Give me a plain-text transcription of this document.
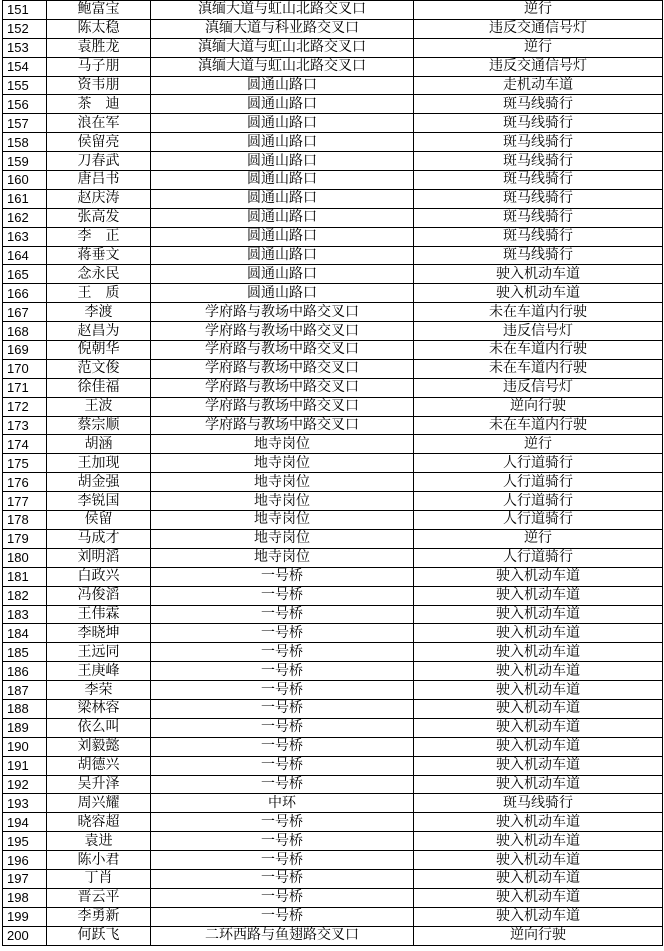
151	鲍富宝	滇缅大道与虹山北路交叉口	逆行
152	陈太稳	滇缅大道与科业路交叉口	违反交通信号灯
153	袁胜龙	滇缅大道与虹山北路交叉口	逆行
154	马子朋	滇缅大道与虹山北路交叉口	违反交通信号灯
155	资韦朋	圆通山路口	走机动车道
156	茶　迪	圆通山路口	斑马线骑行
157	浪在军	圆通山路口	斑马线骑行
158	侯留亮	圆通山路口	斑马线骑行
159	刀春武	圆通山路口	斑马线骑行
160	唐吕书	圆通山路口	斑马线骑行
161	赵庆涛	圆通山路口	斑马线骑行
162	张高发	圆通山路口	斑马线骑行
163	李　正	圆通山路口	斑马线骑行
164	蒋垂文	圆通山路口	斑马线骑行
165	念永民	圆通山路口	驶入机动车道
166	王　质	圆通山路口	驶入机动车道
167	李渡	学府路与教场中路交叉口	未在车道内行驶
168	赵昌为	学府路与教场中路交叉口	违反信号灯
169	倪朝华	学府路与教场中路交叉口	未在车道内行驶
170	范文俊	学府路与教场中路交叉口	未在车道内行驶
171	徐佳福	学府路与教场中路交叉口	违反信号灯
172	王波	学府路与教场中路交叉口	逆向行驶
173	蔡宗顺	学府路与教场中路交叉口	未在车道内行驶
174	胡涵	地寺岗位	逆行
175	王加现	地寺岗位	人行道骑行
176	胡金强	地寺岗位	人行道骑行
177	李锐国	地寺岗位	人行道骑行
178	侯留	地寺岗位	人行道骑行
179	马成才	地寺岗位	逆行
180	刘明滔	地寺岗位	人行道骑行
181	白政兴	一号桥	驶入机动车道
182	冯俊滔	一号桥	驶入机动车道
183	王伟霖	一号桥	驶入机动车道
184	李晓坤	一号桥	驶入机动车道
185	王远同	一号桥	驶入机动车道
186	王庚峰	一号桥	驶入机动车道
187	李荣	一号桥	驶入机动车道
188	梁林容	一号桥	驶入机动车道
189	依么叫	一号桥	驶入机动车道
190	刘毅懿	一号桥	驶入机动车道
191	胡德兴	一号桥	驶入机动车道
192	吴升泽	一号桥	驶入机动车道
193	周兴耀	中环	斑马线骑行
194	晓容超	一号桥	驶入机动车道
195	袁进	一号桥	驶入机动车道
196	陈小君	一号桥	驶入机动车道
197	丁肖	一号桥	驶入机动车道
198	晋云平	一号桥	驶入机动车道
199	李勇新	一号桥	驶入机动车道
200	何跃飞	二环西路与鱼翅路交叉口	逆向行驶
